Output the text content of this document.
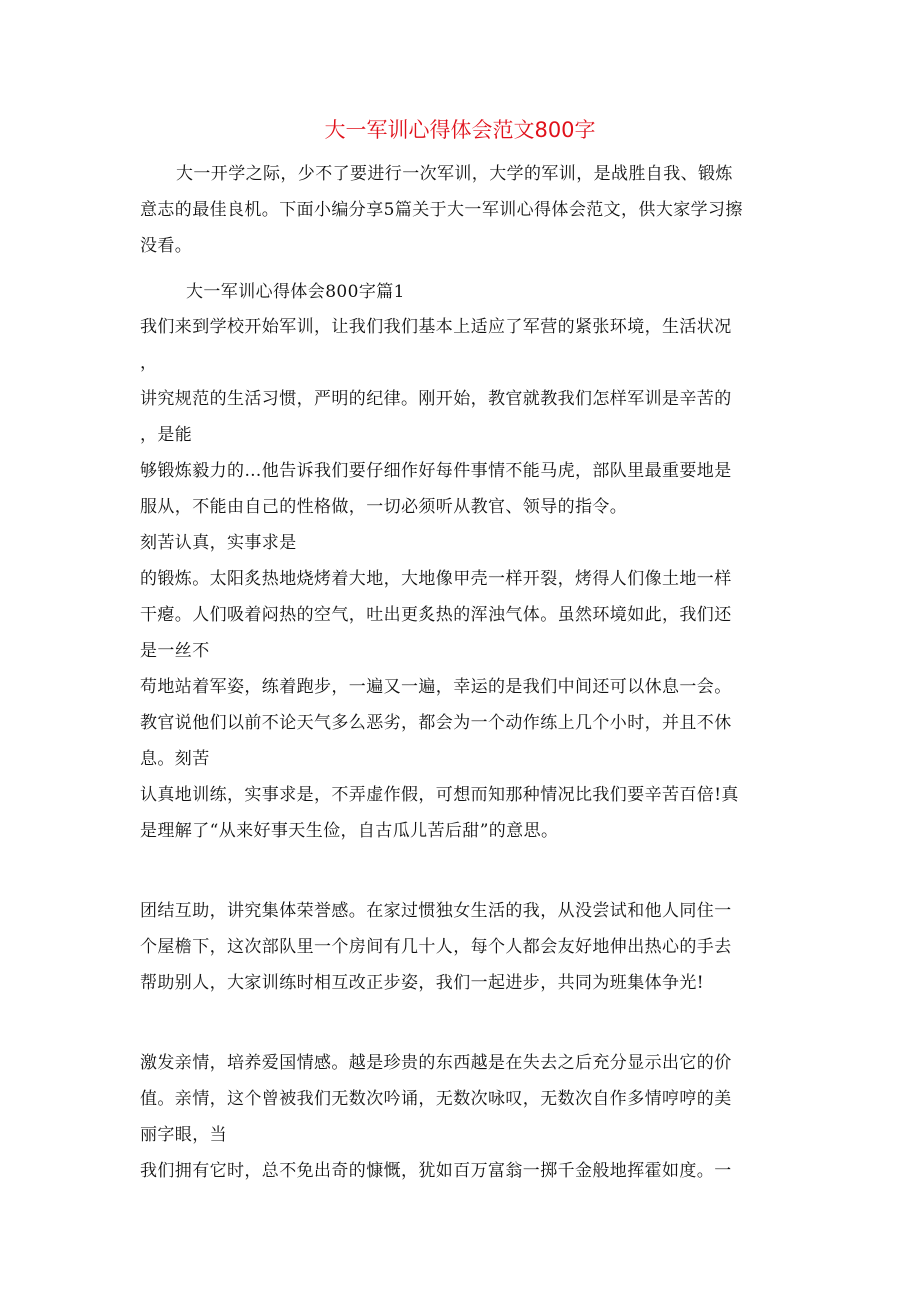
大一军训心得体会范文800字
大一开学之际，少不了要进行一次军训，大学的军训，是战胜自我、锻炼
意志的最佳良机。下面小编分享5篇关于大一军训心得体会范文，供大家学习擦
没看。
大一军训心得体会800字篇1
我们来到学校开始军训，让我们我们基本上适应了军营的紧张环境，生活状况
，
讲究规范的生活习惯，严明的纪律。刚开始，教官就教我们怎样军训是辛苦的
，是能
够锻炼毅力的…他告诉我们要仔细作好每件事情不能马虎，部队里最重要地是
服从，不能由自己的性格做，一切必须听从教官、领导的指令。
刻苦认真，实事求是
的锻炼。太阳炙热地烧烤着大地，大地像甲壳一样开裂，烤得人们像土地一样
干瘪。人们吸着闷热的空气，吐出更炙热的浑浊气体。虽然环境如此，我们还
是一丝不
苟地站着军姿，练着跑步，一遍又一遍，幸运的是我们中间还可以休息一会。
教官说他们以前不论天气多么恶劣，都会为一个动作练上几个小时，并且不休
息。刻苦
认真地训练，实事求是，不弄虚作假，可想而知那种情况比我们要辛苦百倍!真
是理解了“从来好事天生俭，自古瓜儿苦后甜”的意思。
团结互助，讲究集体荣誉感。在家过惯独女生活的我，从没尝试和他人同住一
个屋檐下，这次部队里一个房间有几十人，每个人都会友好地伸出热心的手去
帮助别人，大家训练时相互改正步姿，我们一起进步，共同为班集体争光!
激发亲情，培养爱国情感。越是珍贵的东西越是在失去之后充分显示出它的价
值。亲情，这个曾被我们无数次吟诵，无数次咏叹，无数次自作多情哼哼的美
丽字眼，当
我们拥有它时，总不免出奇的慷慨，犹如百万富翁一掷千金般地挥霍如度。一
